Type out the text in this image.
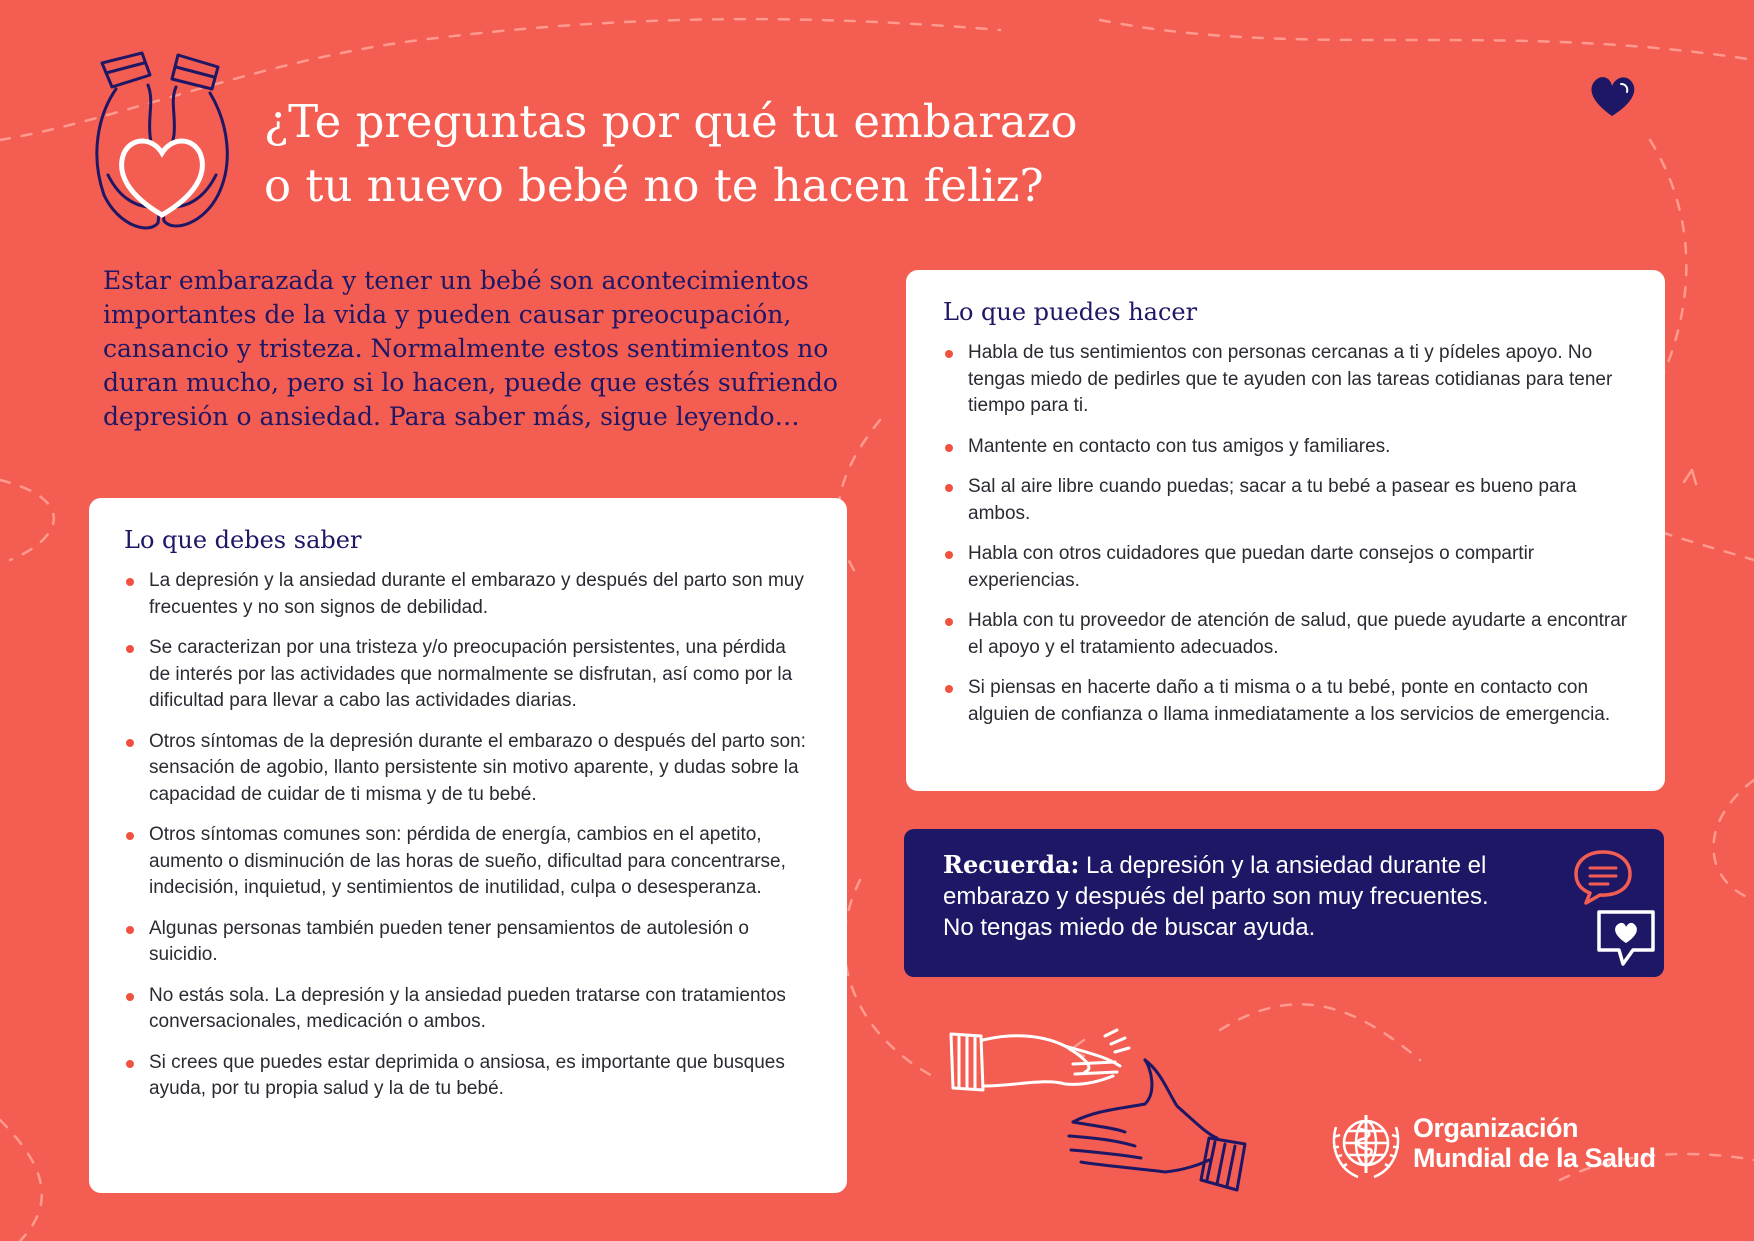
¿Te preguntas por qué tu embarazo
o tu nuevo bebé no te hacen feliz?

Estar embarazada y tener un bebé son acontecimientos importantes de la vida y pueden causar preocupación, cansancio y tristeza. Normalmente estos sentimientos no duran mucho, pero si lo hacen, puede que estés sufriendo depresión o ansiedad. Para saber más, sigue leyendo…

Lo que debes saber
La depresión y la ansiedad durante el embarazo y después del parto son muy frecuentes y no son signos de debilidad.
Se caracterizan por una tristeza y/o preocupación persistentes, una pérdida de interés por las actividades que normalmente se disfrutan, así como por la dificultad para llevar a cabo las actividades diarias.
Otros síntomas de la depresión durante el embarazo o después del parto son: sensación de agobio, llanto persistente sin motivo aparente, y dudas sobre la capacidad de cuidar de ti misma y de tu bebé.
Otros síntomas comunes son: pérdida de energía, cambios en el apetito, aumento o disminución de las horas de sueño, dificultad para concentrarse, indecisión, inquietud, y sentimientos de inutilidad, culpa o desesperanza.
Algunas personas también pueden tener pensamientos de autolesión o suicidio.
No estás sola. La depresión y la ansiedad pueden tratarse con tratamientos conversacionales, medicación o ambos.
Si crees que puedes estar deprimida o ansiosa, es importante que busques ayuda, por tu propia salud y la de tu bebé.
Lo que puedes hacer
Habla de tus sentimientos con personas cercanas a ti y pídeles apoyo. No tengas miedo de pedirles que te ayuden con las tareas cotidianas para tener tiempo para ti.
Mantente en contacto con tus amigos y familiares.
Sal al aire libre cuando puedas; sacar a tu bebé a pasear es bueno para ambos.
Habla con otros cuidadores que puedan darte consejos o compartir experiencias.
Habla con tu proveedor de atención de salud, que puede ayudarte a encontrar el apoyo y el tratamiento adecuados.
Si piensas en hacerte daño a ti misma o a tu bebé, ponte en contacto con alguien de confianza o llama inmediatamente a los servicios de emergencia.
Recuerda: La depresión y la ansiedad durante el embarazo y después del parto son muy frecuentes. No tengas miedo de buscar ayuda.
Organización
Mundial de la Salud
